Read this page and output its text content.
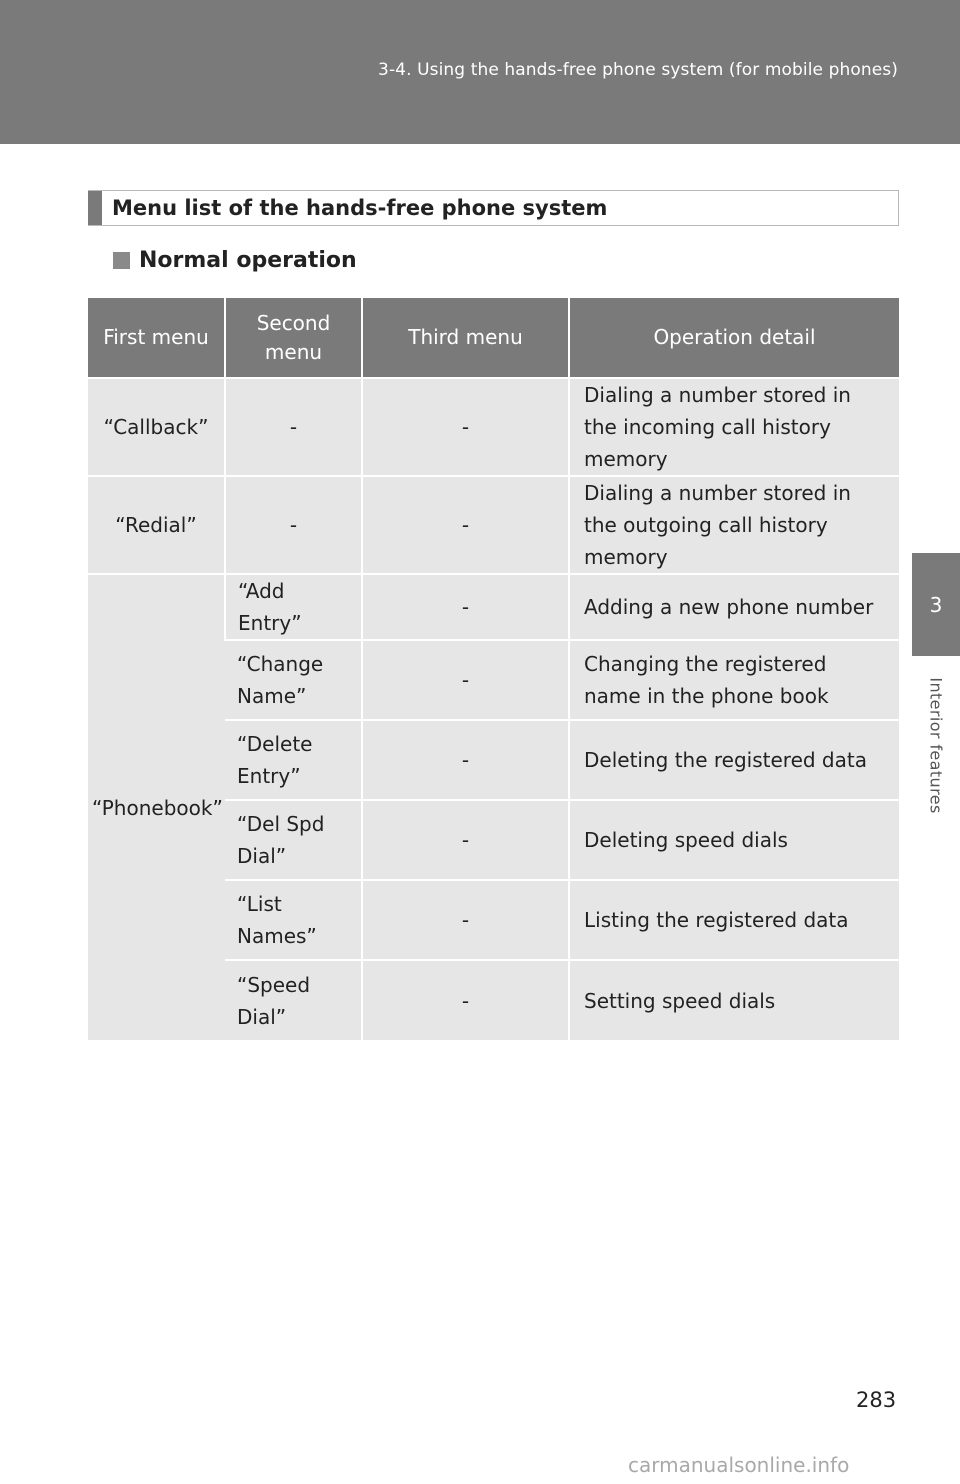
3-4. Using the hands-free phone system (for mobile phones)
3
Interior features
Menu list of the hands-free phone system
Normal operation
First menu	Second menu	Third menu	Operation detail
“Callback”	-	-	Dialing a number stored in the incoming call history memory
“Redial”	-	-	Dialing a number stored in the outgoing call history memory
“Phonebook”	“Add Entry”	-	Adding a new phone number
	“Change Name”	-	Changing the registered name in the phone book
	“Delete Entry”	-	Deleting the registered data
	“Del Spd Dial”	-	Deleting speed dials
	“List Names”	-	Listing the registered data
	“Speed Dial”	-	Setting speed dials
283
carmanualsonline.info
